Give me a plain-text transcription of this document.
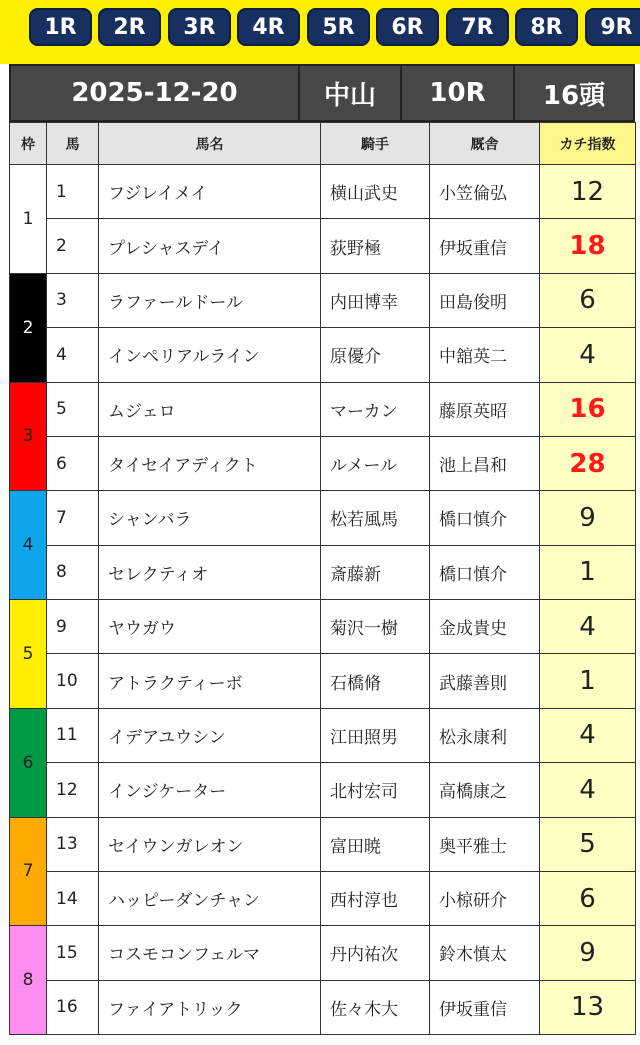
1R	2R	3R	4R	5R	6R	7R	8R	9R
2025-12-20	中山	10R	16頭
枠	馬	馬名	騎手	厩舎	カチ指数
1	1	フジレイメイ	横山武史	小笠倫弘	12
	2	プレシャスデイ	荻野極	伊坂重信	18
2	3	ラファールドール	内田博幸	田島俊明	6
	4	インペリアルライン	原優介	中舘英二	4
3	5	ムジェロ	マーカン	藤原英昭	16
	6	タイセイアディクト	ルメール	池上昌和	28
4	7	シャンバラ	松若風馬	橋口慎介	9
	8	セレクティオ	斎藤新	橋口慎介	1
5	9	ヤウガウ	菊沢一樹	金成貴史	4
	10	アトラクティーボ	石橋脩	武藤善則	1
6	11	イデアユウシン	江田照男	松永康利	4
	12	インジケーター	北村宏司	高橋康之	4
7	13	セイウンガレオン	富田暁	奥平雅士	5
	14	ハッピーダンチャン	西村淳也	小椋研介	6
8	15	コスモコンフェルマ	丹内祐次	鈴木慎太	9
	16	ファイアトリック	佐々木大	伊坂重信	13
